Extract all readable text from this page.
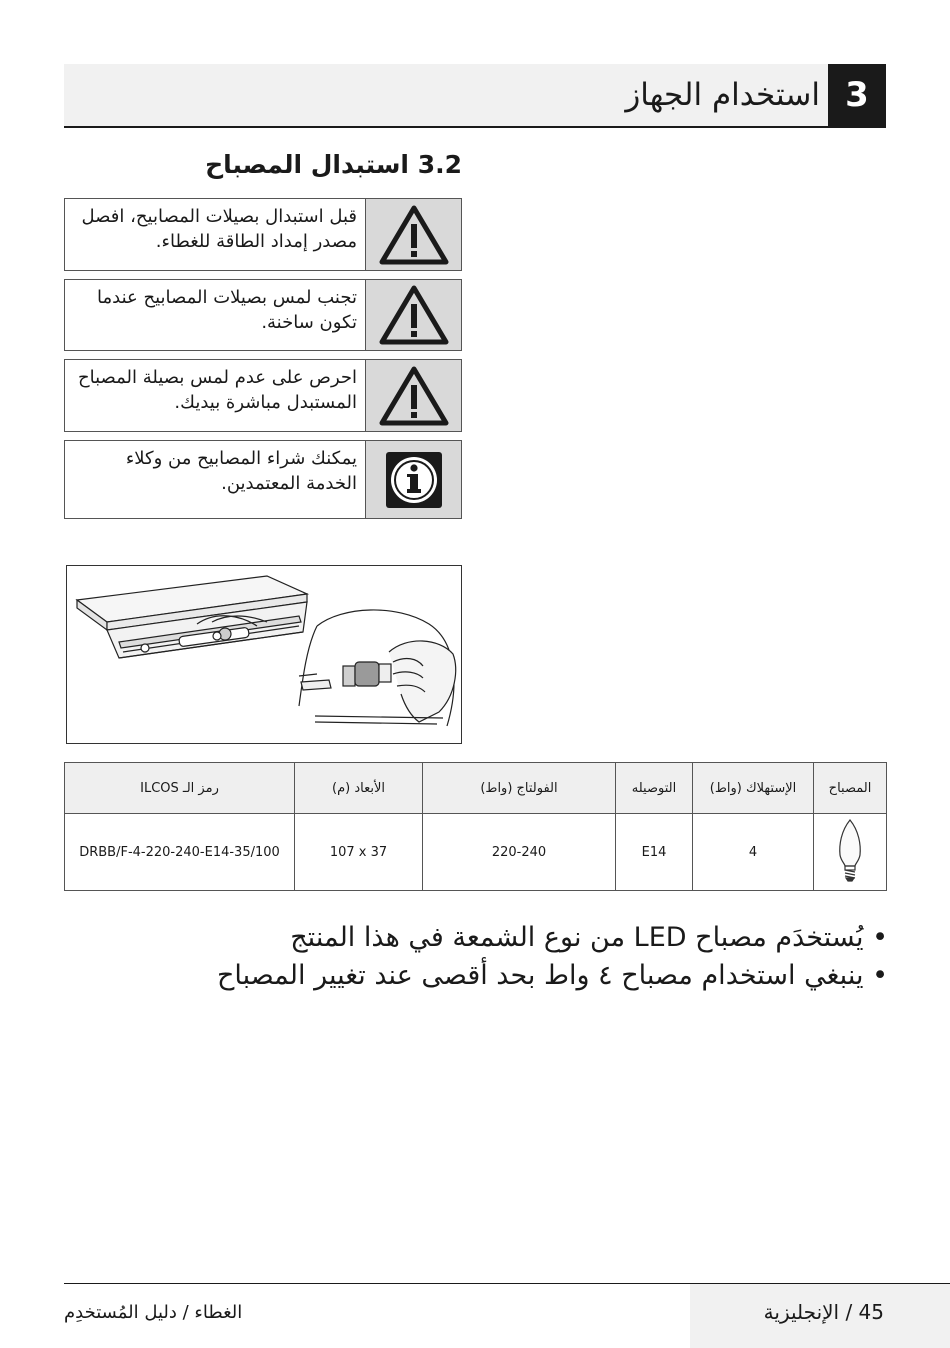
3
استخدام الجهاز
3.2 استبدال المصباح
قبل استبدال بصيلات المصابيح، افصل
مصدر إمداد الطاقة للغطاء.
تجنب لمس بصيلات المصابيح عندما
تكون ساخنة.
احرص على عدم لمس بصيلة المصباح
المستبدل مباشرة بيديك.
يمكنك شراء المصابيح من وكلاء
الخدمة المعتمدين.
رمز الـ ILCOS	الأبعاد (م)	الفولتاج (واط)	التوصيله	الإستهلاك (واط)	المصباح
DRBB/F-4-220-240-E14-35/100	107 x 37	220-240	E14	4	
• يُستخدَم مصباح LED من نوع الشمعة في هذا المنتج
• ينبغي استخدام مصباح ٤ واط بحد أقصى عند تغيير المصباح
45 / الإنجليزية
الغطاء / دليل المُستخدِم
